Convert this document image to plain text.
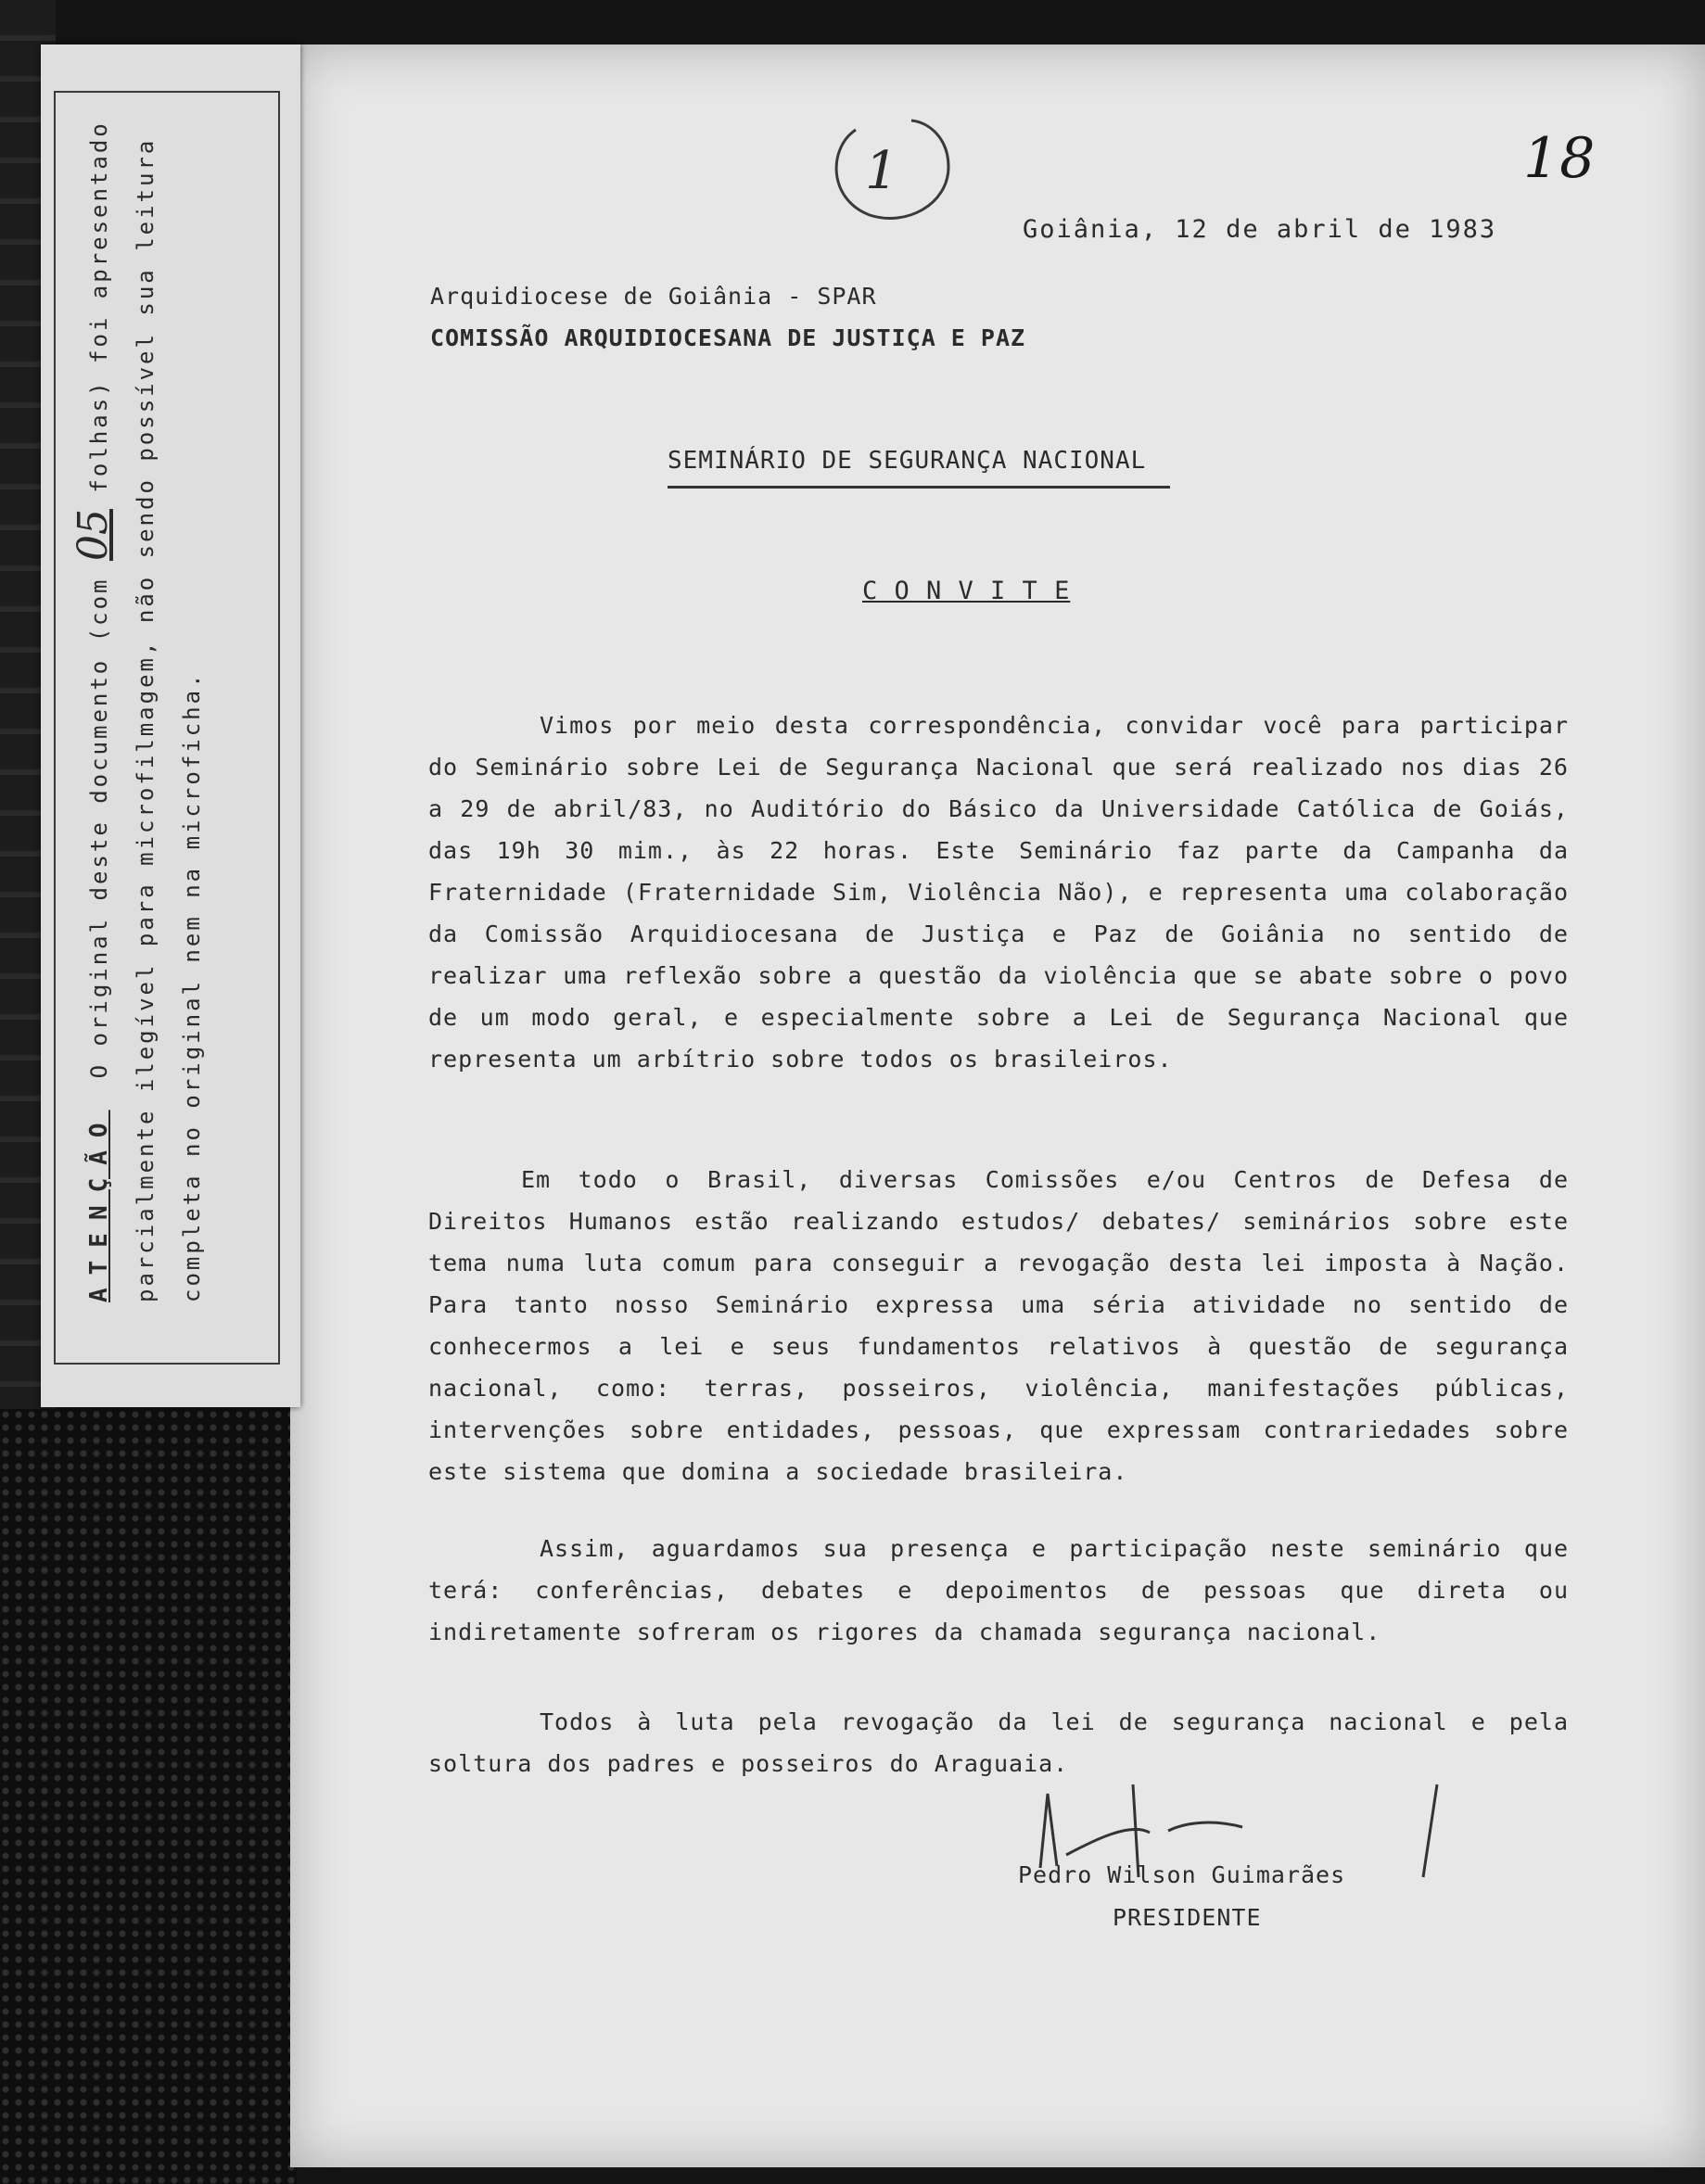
1	18
ATENÇÃOO original deste documento (com 05 folhas) foi apresentado parcialmente ilegível para microfilmagem, não sendo possível sua leitura completa no original nem na microficha.
Goiânia, 12 de abril de 1983
Arquidiocese de Goiânia - SPAR
COMISSÃO ARQUIDIOCESANA DE JUSTIÇA E PAZ
SEMINÁRIO DE SEGURANÇA NACIONAL
C O N V I T E

Vimos por meio desta correspondência, convidar você para participar do Seminário sobre Lei de Segurança Nacional que será realizado nos dias 26 a 29 de abril/83, no Auditório do Básico da Universidade Católica de Goiás, das 19h 30 mim., às 22 horas. Este Seminário faz parte da Campanha da Fraternidade (Fraternidade Sim, Violência Não), e representa uma colaboração da Comissão Arquidiocesana de Justiça e Paz de Goiânia no sentido de realizar uma reflexão sobre a questão da violência que se abate sobre o povo de um modo geral, e especialmente sobre a Lei de Segurança Nacional que representa um arbítrio sobre todos os brasileiros.

Em todo o Brasil, diversas Comissões e/ou Centros de Defesa de Direitos Humanos estão realizando estudos/ debates/ seminários sobre este tema numa luta comum para conseguir a revogação desta lei imposta à Nação. Para tanto nosso Seminário expressa uma séria atividade no sentido de conhecermos a lei e seus fundamentos relativos à questão de segurança nacional, como: terras, posseiros, violência, manifestações públicas, intervenções sobre entidades, pessoas, que expressam contrariedades sobre este sistema que domina a sociedade brasileira.

Assim, aguardamos sua presença e participação neste seminário que terá: conferências, debates e depoimentos de pessoas que direta ou indiretamente sofreram os rigores da chamada segurança nacional.

Todos à luta pela revogação da lei de segurança nacional e pela soltura dos padres e posseiros do Araguaia.

Pedro Wilson Guimarães
PRESIDENTE
